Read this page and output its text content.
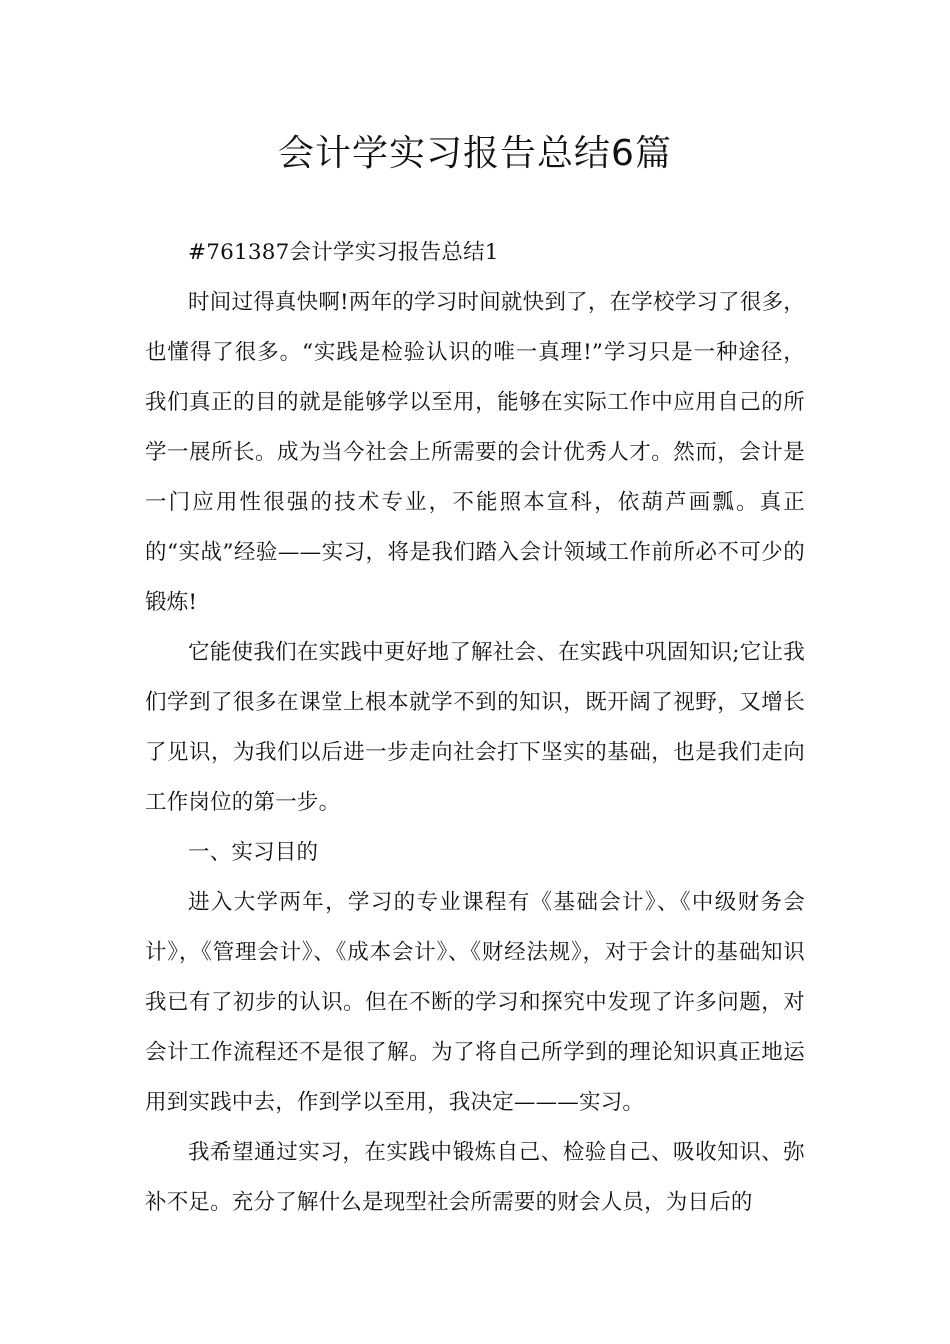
会计学实习报告总结6篇

#761387会计学实习报告总结1

时间过得真快啊!两年的学习时间就快到了，在学校学习了很多，也懂得了很多。“实践是检验认识的唯一真理!”学习只是一种途径，我们真正的目的就是能够学以至用，能够在实际工作中应用自己的所学一展所长。成为当今社会上所需要的会计优秀人才。然而，会计是一门应用性很强的技术专业，不能照本宣科，依葫芦画瓢。真正的“实战”经验——实习，将是我们踏入会计领域工作前所必不可少的锻炼!

它能使我们在实践中更好地了解社会、在实践中巩固知识;它让我们学到了很多在课堂上根本就学不到的知识，既开阔了视野，又增长了见识，为我们以后进一步走向社会打下坚实的基础，也是我们走向工作岗位的第一步。

一、实习目的

进入大学两年，学习的专业课程有《基础会计》、《中级财务会计》，《管理会计》、《成本会计》、《财经法规》，对于会计的基础知识我已有了初步的认识。但在不断的学习和探究中发现了许多问题，对会计工作流程还不是很了解。为了将自己所学到的理论知识真正地运用到实践中去，作到学以至用，我决定———实习。

我希望通过实习，在实践中锻炼自己、检验自己、吸收知识、弥补不足。充分了解什么是现型社会所需要的财会人员，为日后的
